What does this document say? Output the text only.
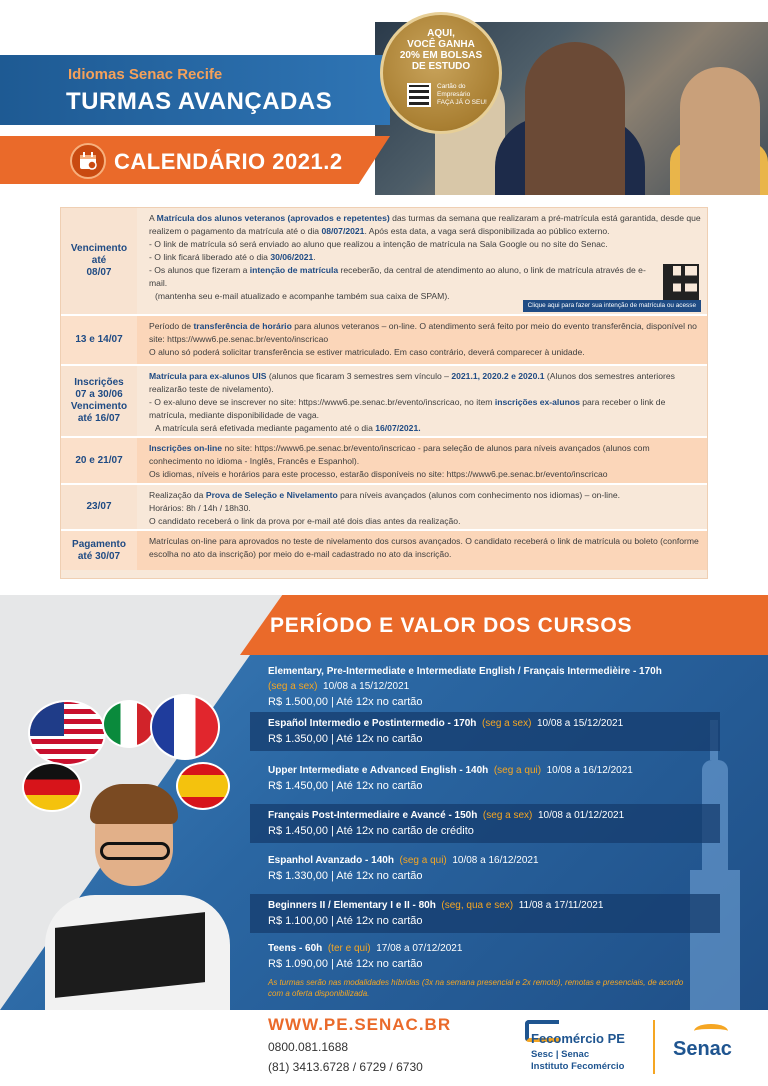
Idiomas Senac Recife
TURMAS AVANÇADAS
CALENDÁRIO 2021.2
AQUI,
VOCÊ GANHA
20% EM BOLSAS
DE ESTUDO
Cartão do
Empresário
FAÇA JÁ O SEU!
Vencimento
até
08/07
A Matrícula dos alunos veteranos (aprovados e repetentes) das turmas da semana que realizaram a pré-matrícula está garantida, desde que realizem o pagamento da matrícula até o dia 08/07/2021. Após esta data, a vaga será disponibilizada ao público externo.
- O link de matrícula só será enviado ao aluno que realizou a intenção de matrícula na Sala Google ou no site do Senac.
- O link ficará liberado até o dia 30/06/2021.
- Os alunos que fizeram a intenção de matrícula receberão, da central de atendimento ao aluno, o link de matrícula através de e-mail.
(mantenha seu e-mail atualizado e acompanhe também sua caixa de SPAM).
Clique aqui para fazer sua intenção de matrícula ou acesse
13 e 14/07
Período de transferência de horário para alunos veteranos – on-line. O atendimento será feito por meio do evento transferência, disponível no site: https://www6.pe.senac.br/evento/inscricao
O aluno só poderá solicitar transferência se estiver matriculado. Em caso contrário, deverá comparecer à unidade.
Inscrições
07 a 30/06
Vencimento
até 16/07
Matrícula para ex-alunos UIS (alunos que ficaram 3 semestres sem vínculo – 2021.1, 2020.2 e 2020.1 (Alunos dos semestres anteriores realizarão teste de nivelamento).
- O ex-aluno deve se inscrever no site: https://www6.pe.senac.br/evento/inscricao, no item inscrições ex-alunos para receber o link de matrícula, mediante disponibilidade de vaga.
A matrícula será efetivada mediante pagamento até o dia 16/07/2021.
20 e 21/07
Inscrições on-line no site: https://www6.pe.senac.br/evento/inscricao - para seleção de alunos para níveis avançados (alunos com conhecimento no idioma - Inglês, Francês e Espanhol).
Os idiomas, níveis e horários para este processo, estarão disponíveis no site: https://www6.pe.senac.br/evento/inscricao
23/07
Realização da Prova de Seleção e Nivelamento para níveis avançados (alunos com conhecimento nos idiomas) – on-line.
Horários: 8h / 14h / 18h30.
O candidato receberá o link da prova por e-mail até dois dias antes da realização.
Pagamento
até 30/07
Matrículas on-line para aprovados no teste de nivelamento dos cursos avançados. O candidato receberá o link de matrícula ou boleto (conforme escolha no ato da inscrição) por meio do e-mail cadastrado no ato da inscrição.
PERÍODO E VALOR DOS CURSOS
Elementary, Pre-Intermediate e Intermediate English / Français Intermedièire - 170h
(seg a sex) 10/08 a 15/12/2021
R$ 1.500,00 | Até 12x no cartão
Español Intermedio e Postintermedio - 170h (seg a sex) 10/08 a 15/12/2021
R$ 1.350,00 | Até 12x no cartão
Upper Intermediate e Advanced English - 140h (seg a qui) 10/08 a 16/12/2021
R$ 1.450,00 | Até 12x no cartão
Français Post-Intermediaire e Avancé - 150h (seg a sex) 10/08 a 01/12/2021
R$ 1.450,00 | Até 12x no cartão de crédito
Espanhol Avanzado - 140h (seg a qui) 10/08 a 16/12/2021
R$ 1.330,00 | Até 12x no cartão
Beginners II / Elementary I e II - 80h (seg, qua e sex) 11/08 a 17/11/2021
R$ 1.100,00 | Até 12x no cartão
Teens - 60h (ter e qui) 17/08 a 07/12/2021
R$ 1.090,00 | Até 12x no cartão
As turmas serão nas modalidades híbridas (3x na semana presencial e 2x remoto), remotas e presenciais, de acordo com a oferta disponibilizada.
WWW.PE.SENAC.BR
0800.081.1688
(81) 3413.6728 / 6729 / 6730
Fecomércio PE
Sesc | Senac
Instituto Fecomércio
Senac
